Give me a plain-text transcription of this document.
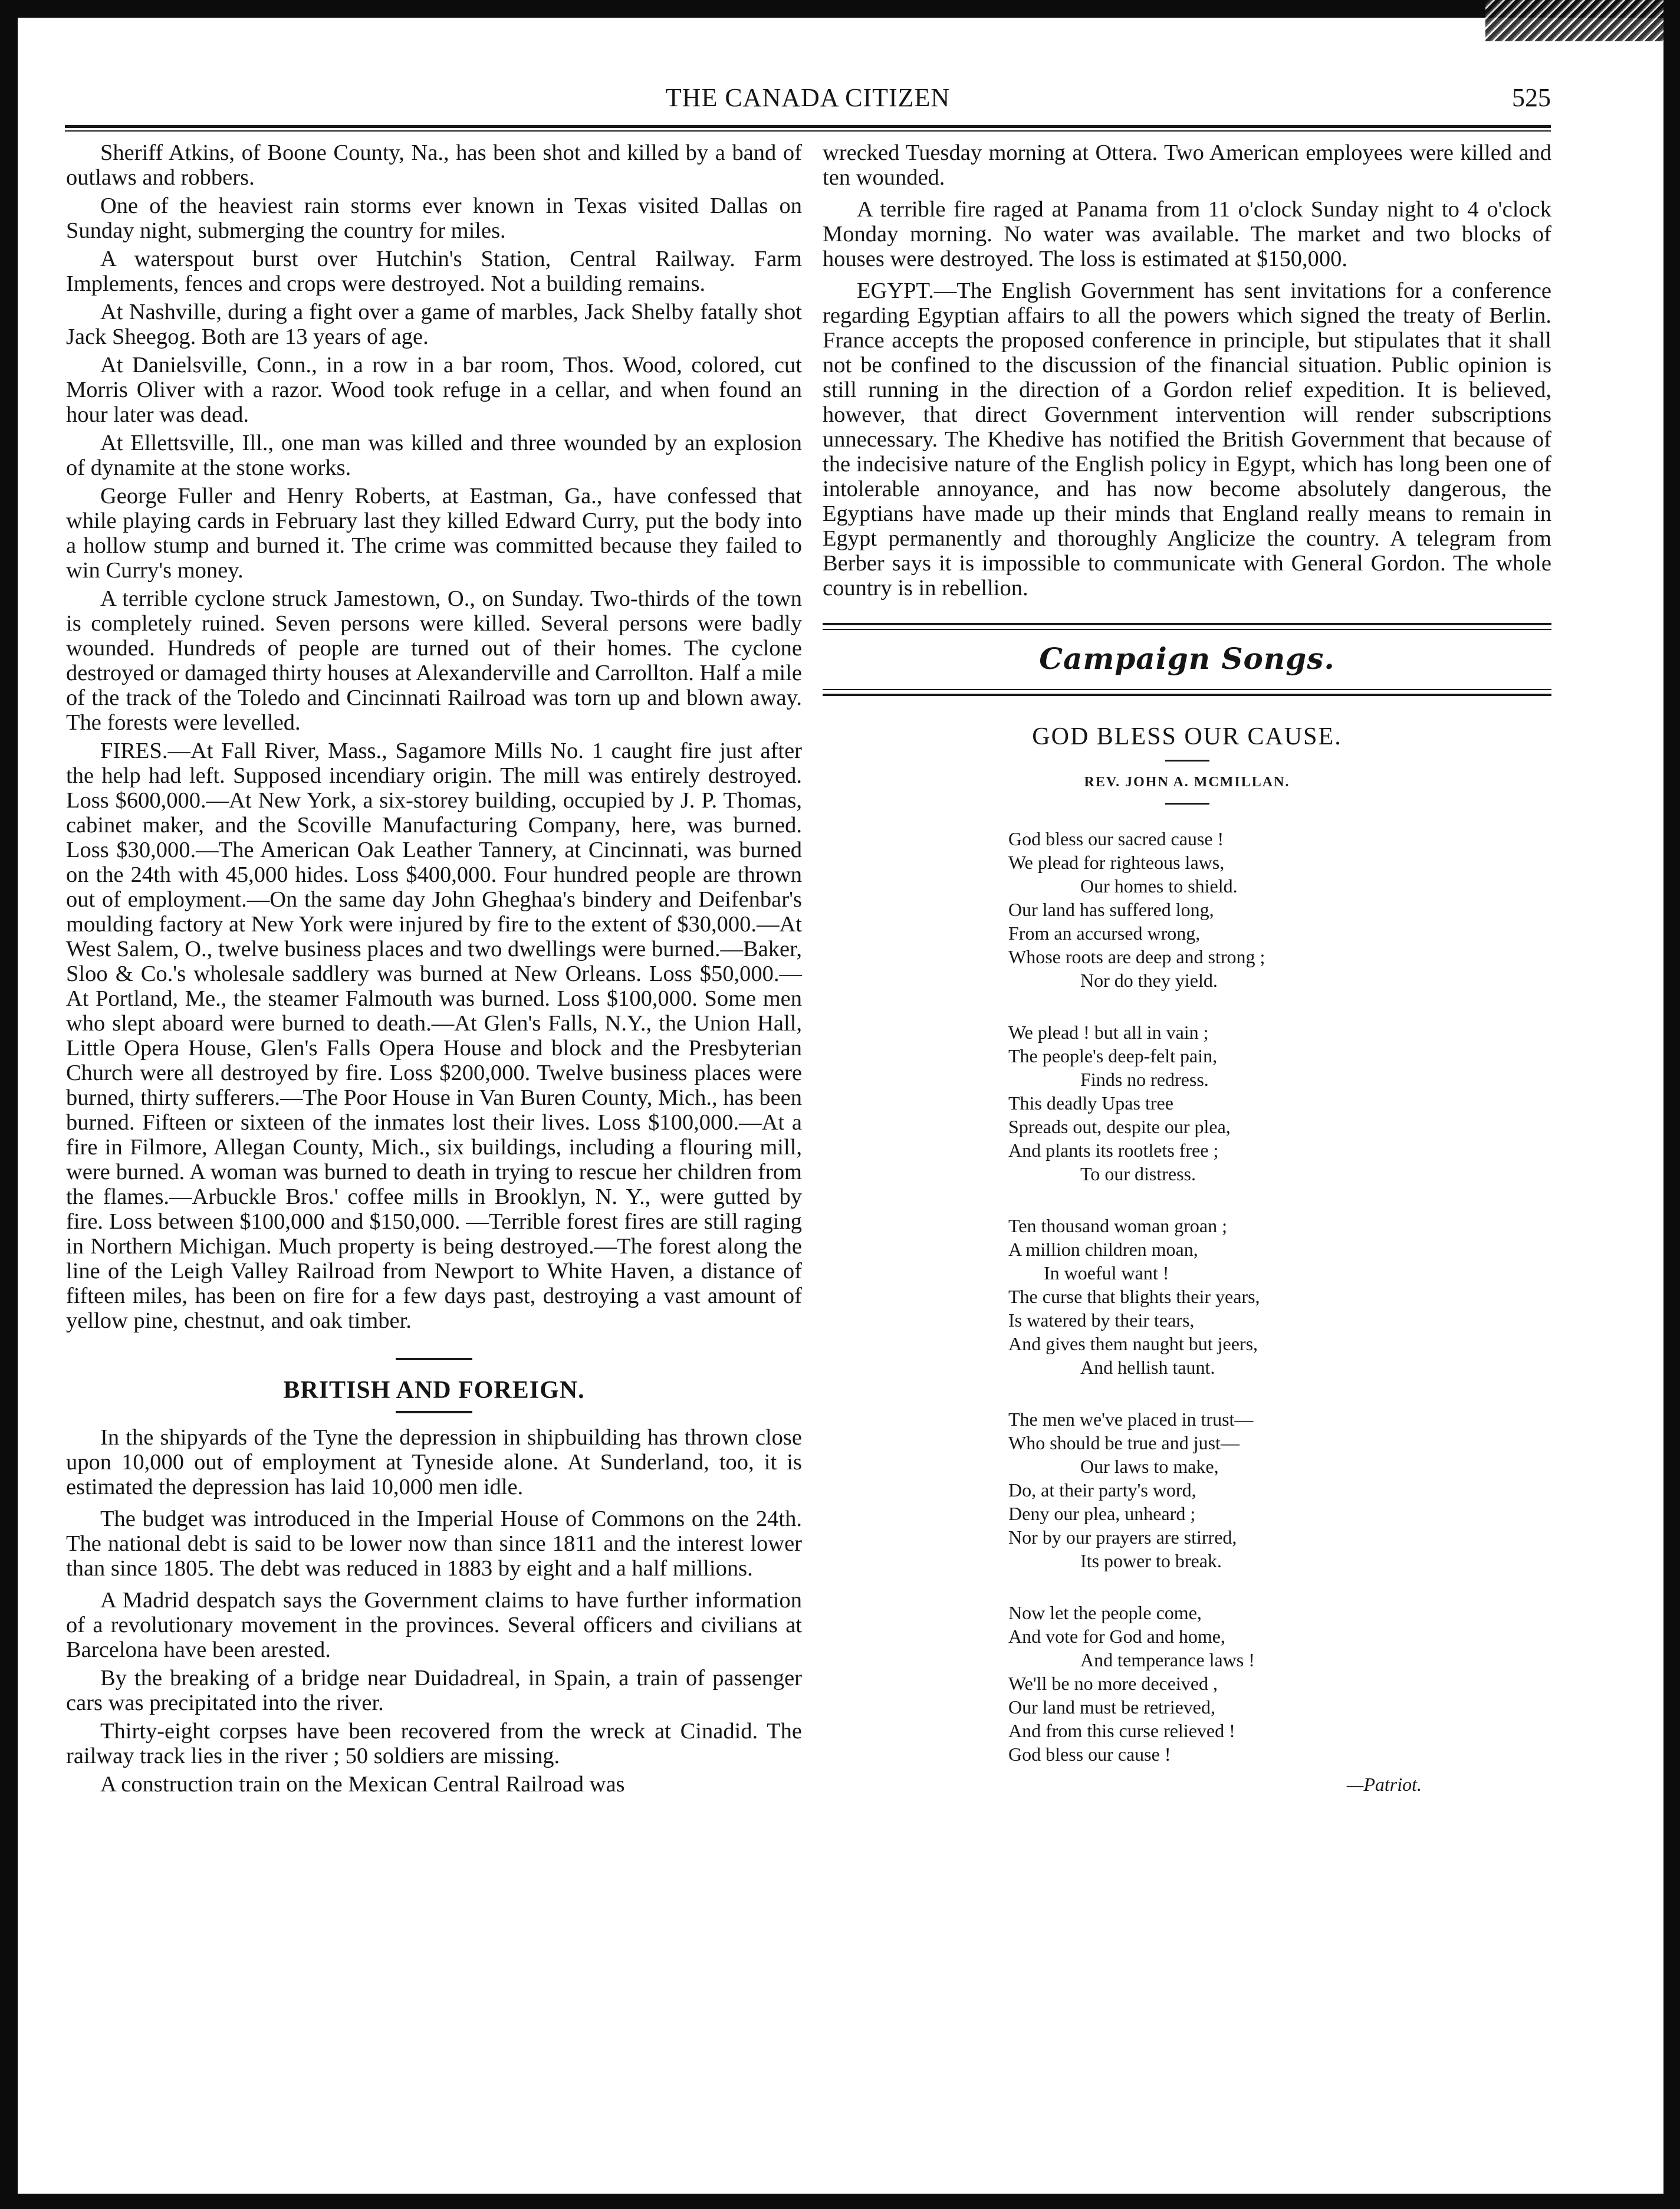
THE CANADA CITIZEN	525

Sheriff Atkins, of Boone County, Na., has been shot and killed by a band of outlaws and robbers.

One of the heaviest rain storms ever known in Texas visited Dallas on Sunday night, submerging the country for miles.

A waterspout burst over Hutchin's Station, Central Railway. Farm Implements, fences and crops were destroyed. Not a building remains.

At Nashville, during a fight over a game of marbles, Jack Shelby fatally shot Jack Sheegog. Both are 13 years of age.

At Danielsville, Conn., in a row in a bar room, Thos. Wood, colored, cut Morris Oliver with a razor. Wood took refuge in a cellar, and when found an hour later was dead.

At Ellettsville, Ill., one man was killed and three wounded by an explosion of dynamite at the stone works.

George Fuller and Henry Roberts, at Eastman, Ga., have confessed that while playing cards in February last they killed Edward Curry, put the body into a hollow stump and burned it. The crime was committed because they failed to win Curry's money.

A terrible cyclone struck Jamestown, O., on Sunday. Two-thirds of the town is completely ruined. Seven persons were killed. Several persons were badly wounded. Hundreds of people are turned out of their homes. The cyclone destroyed or damaged thirty houses at Alexanderville and Carrollton. Half a mile of the track of the Toledo and Cincinnati Railroad was torn up and blown away. The forests were levelled.

FIRES.—At Fall River, Mass., Sagamore Mills No. 1 caught fire just after the help had left. Supposed incendiary origin. The mill was entirely destroyed. Loss $600,000.—At New York, a six-storey building, occupied by J. P. Thomas, cabinet maker, and the Scoville Manufacturing Company, here, was burned. Loss $30,000.—The American Oak Leather Tannery, at Cincinnati, was burned on the 24th with 45,000 hides. Loss $400,000. Four hundred people are thrown out of employment.—On the same day John Gheghaa's bindery and Deifenbar's moulding factory at New York were injured by fire to the extent of $30,000.—At West Salem, O., twelve business places and two dwellings were burned.—Baker, Sloo & Co.'s wholesale saddlery was burned at New Orleans. Loss $50,000.— At Portland, Me., the steamer Falmouth was burned. Loss $100,000. Some men who slept aboard were burned to death.—At Glen's Falls, N.Y., the Union Hall, Little Opera House, Glen's Falls Opera House and block and the Presbyterian Church were all destroyed by fire. Loss $200,000. Twelve business places were burned, thirty sufferers.—The Poor House in Van Buren County, Mich., has been burned. Fifteen or sixteen of the inmates lost their lives. Loss $100,000.—At a fire in Filmore, Allegan County, Mich., six buildings, including a flouring mill, were burned. A woman was burned to death in trying to rescue her children from the flames.—Arbuckle Bros.' coffee mills in Brooklyn, N. Y., were gutted by fire. Loss between $100,000 and $150,000. —Terrible forest fires are still raging in Northern Michigan. Much property is being destroyed.—The forest along the line of the Leigh Valley Railroad from Newport to White Haven, a distance of fifteen miles, has been on fire for a few days past, destroying a vast amount of yellow pine, chestnut, and oak timber.

BRITISH AND FOREIGN.

In the shipyards of the Tyne the depression in shipbuilding has thrown close upon 10,000 out of employment at Tyneside alone. At Sunderland, too, it is estimated the depression has laid 10,000 men idle.

The budget was introduced in the Imperial House of Commons on the 24th. The national debt is said to be lower now than since 1811 and the interest lower than since 1805. The debt was reduced in 1883 by eight and a half millions.

A Madrid despatch says the Government claims to have further information of a revolutionary movement in the provinces. Several officers and civilians at Barcelona have been arested.

By the breaking of a bridge near Duidadreal, in Spain, a train of passenger cars was precipitated into the river.

Thirty-eight corpses have been recovered from the wreck at Cinadid. The railway track lies in the river ; 50 soldiers are missing.

A construction train on the Mexican Central Railroad was

wrecked Tuesday morning at Ottera. Two American employees were killed and ten wounded.

A terrible fire raged at Panama from 11 o'clock Sunday night to 4 o'clock Monday morning. No water was available. The market and two blocks of houses were destroyed. The loss is estimated at $150,000.

EGYPT.—The English Government has sent invitations for a conference regarding Egyptian affairs to all the powers which signed the treaty of Berlin. France accepts the proposed conference in principle, but stipulates that it shall not be confined to the discussion of the financial situation. Public opinion is still running in the direction of a Gordon relief expedition. It is believed, however, that direct Government intervention will render subscriptions unnecessary. The Khedive has notified the British Government that because of the indecisive nature of the English policy in Egypt, which has long been one of intolerable annoyance, and has now become absolutely dangerous, the Egyptians have made up their minds that England really means to remain in Egypt permanently and thoroughly Anglicize the country. A telegram from Berber says it is impossible to communicate with General Gordon. The whole country is in rebellion.

Campaign Songs.
GOD BLESS OUR CAUSE.
REV. JOHN A. MCMILLAN.
God bless our sacred cause !
We plead for righteous laws,
Our homes to shield.
Our land has suffered long,
From an accursed wrong,
Whose roots are deep and strong ;
Nor do they yield.
We plead ! but all in vain ;
The people's deep-felt pain,
Finds no redress.
This deadly Upas tree
Spreads out, despite our plea,
And plants its rootlets free ;
To our distress.
Ten thousand woman groan ;
A million children moan,
In woeful want !
The curse that blights their years,
Is watered by their tears,
And gives them naught but jeers,
And hellish taunt.
The men we've placed in trust—
Who should be true and just—
Our laws to make,
Do, at their party's word,
Deny our plea, unheard ;
Nor by our prayers are stirred,
Its power to break.
Now let the people come,
And vote for God and home,
And temperance laws !
We'll be no more deceived ,
Our land must be retrieved,
And from this curse relieved !
God bless our cause !
—Patriot.
